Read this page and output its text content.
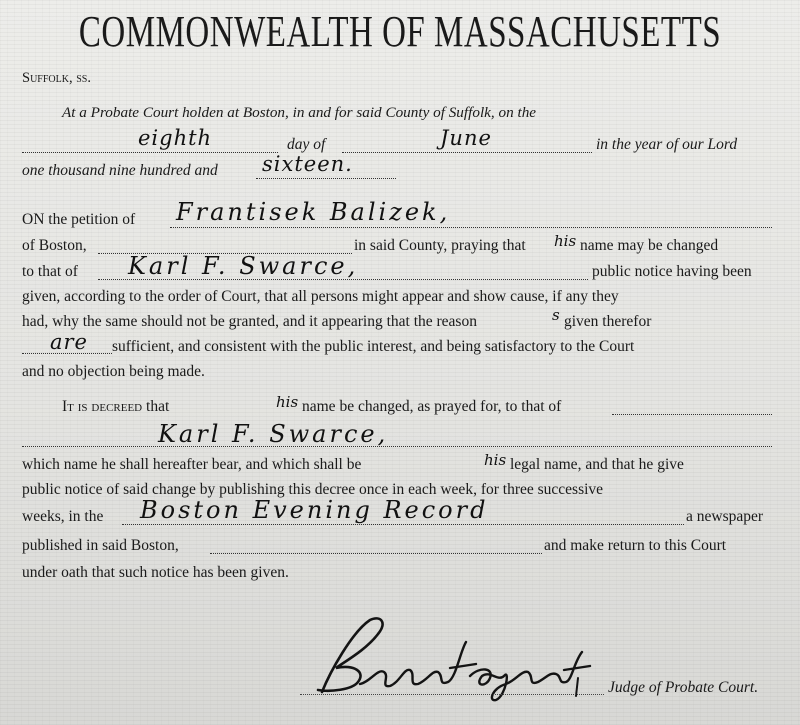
COMMONWEALTH OF MASSACHUSETTS
Suffolk, ss.
At a Probate Court holden at Boston, in and for said County of Suffolk, on the
eighth	day of	June	in the year of our Lord
one thousand nine hundred and sixteen.
ON the petition of Frantisek Balizek,
of Boston,	in said County, praying that his name may be changed
to that of Karl F. Swarce,	public notice having been
given, according to the order of Court, that all persons might appear and show cause, if any they
had, why the same should not be granted, and it appearing that the reason	s given therefor
are sufficient, and consistent with the public interest, and being satisfactory to the Court
and no objection being made.
It is decreed that	his name be changed, as prayed for, to that of
Karl F. Swarce,
which name he shall hereafter bear, and which shall be	his legal name, and that he give
public notice of said change by publishing this decree once in each week, for three successive
weeks, in the Boston Evening Record	a newspaper
published in said Boston,	and make return to this Court
under oath that such notice has been given.
Judge of Probate Court.
